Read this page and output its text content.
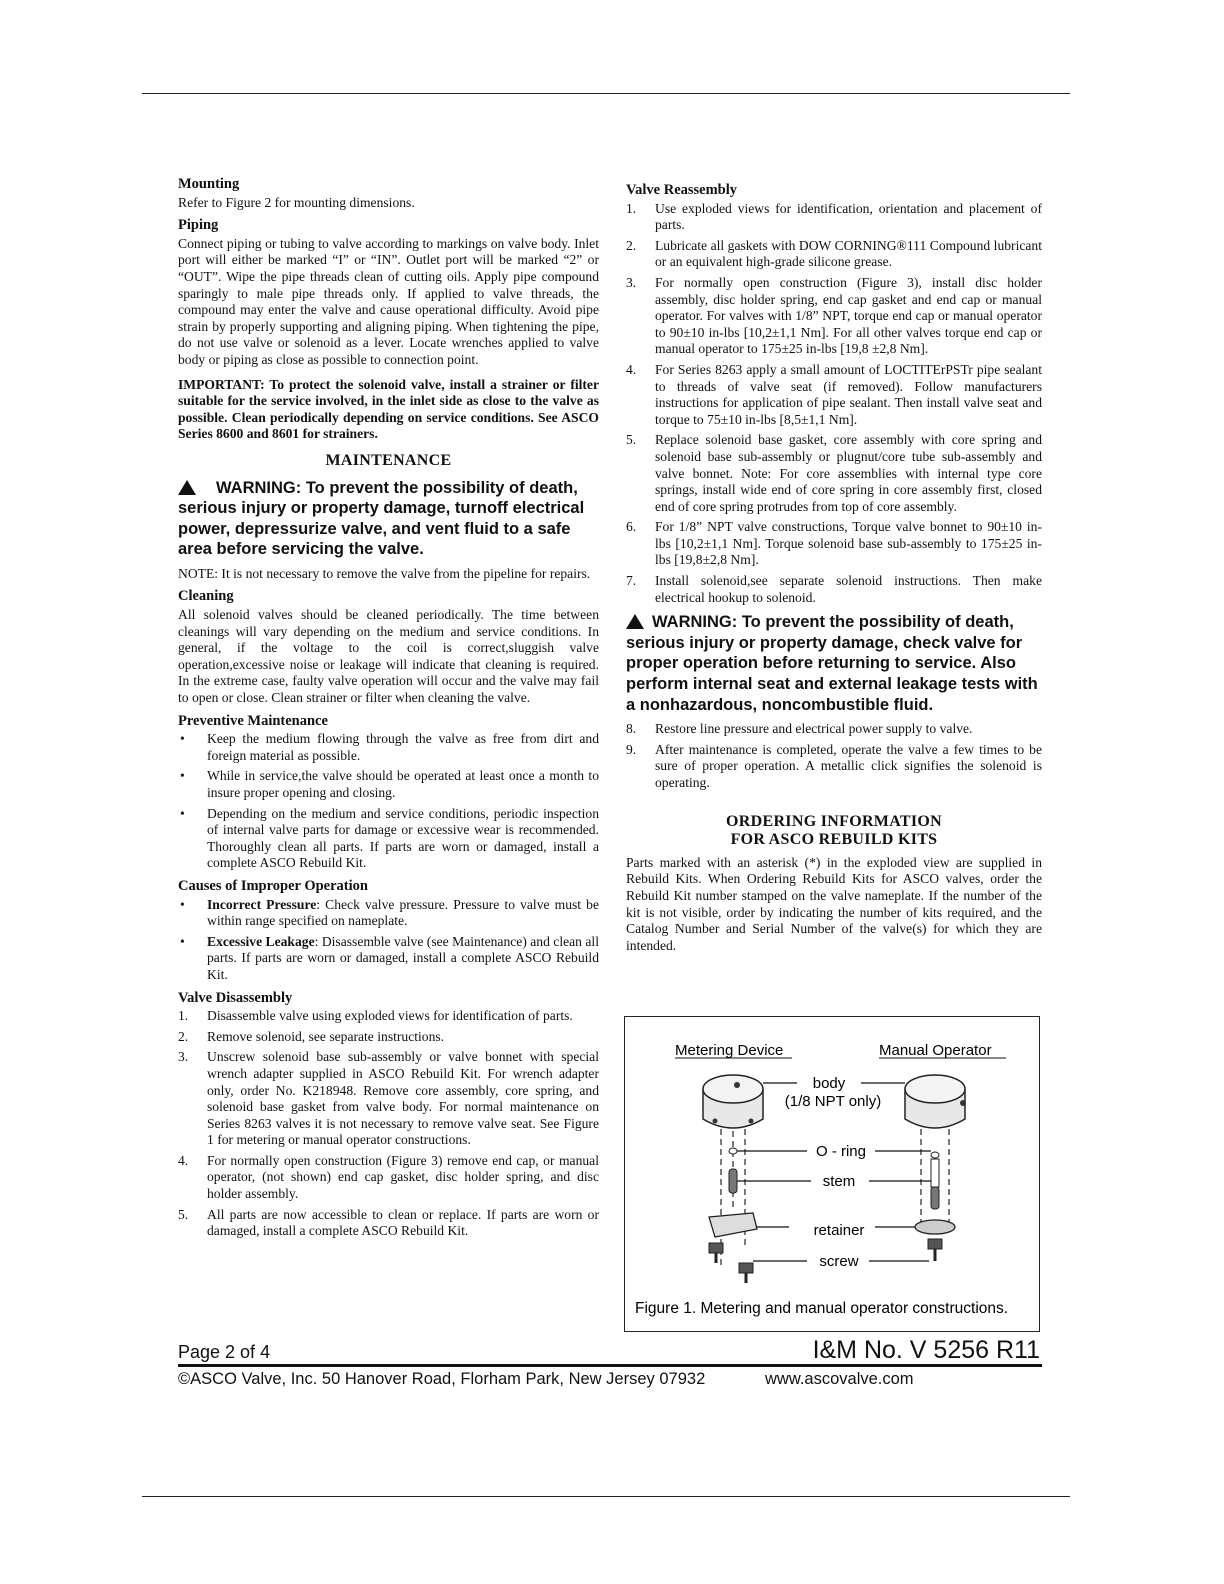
Mounting

Refer to Figure 2 for mounting dimensions.

Piping

Connect piping or tubing to valve according to markings on valve body. Inlet port will either be marked “I” or “IN”. Outlet port will be marked “2” or “OUT”. Wipe the pipe threads clean of cutting oils. Apply pipe compound sparingly to male pipe threads only. If applied to valve threads, the compound may enter the valve and cause operational difficulty. Avoid pipe strain by properly supporting and aligning piping. When tightening the pipe, do not use valve or solenoid as a lever. Locate wrenches applied to valve body or piping as close as possible to connection point.

IMPORTANT: To protect the solenoid valve, install a strainer or filter suitable for the service involved, in the inlet side as close to the valve as possible. Clean periodically depending on service conditions. See ASCO Series 8600 and 8601 for strainers.

MAINTENANCE
WARNING: To prevent the possibility of death, serious injury or property damage, turnoff electrical power, depressurize valve, and vent fluid to a safe area before servicing the valve.

NOTE: It is not necessary to remove the valve from the pipeline for repairs.

Cleaning

All solenoid valves should be cleaned periodically. The time between cleanings will vary depending on the medium and service conditions. In general, if the voltage to the coil is correct,sluggish valve operation,excessive noise or leakage will indicate that cleaning is required. In the extreme case, faulty valve operation will occur and the valve may fail to open or close. Clean strainer or filter when cleaning the valve.

Preventive Maintenance
• Keep the medium flowing through the valve as free from dirt and foreign material as possible.
• While in service,the valve should be operated at least once a month to insure proper opening and closing.
• Depending on the medium and service conditions, periodic inspection of internal valve parts for damage or excessive wear is recommended. Thoroughly clean all parts. If parts are worn or damaged, install a complete ASCO Rebuild Kit.
Causes of Improper Operation
• Incorrect Pressure: Check valve pressure. Pressure to valve must be within range specified on nameplate.
• Excessive Leakage: Disassemble valve (see Maintenance) and clean all parts. If parts are worn or damaged, install a complete ASCO Rebuild Kit.
Valve Disassembly
1. Disassemble valve using exploded views for identification of parts.
2. Remove solenoid, see separate instructions.
3. Unscrew solenoid base sub-assembly or valve bonnet with special wrench adapter supplied in ASCO Rebuild Kit. For wrench adapter only, order No. K218948. Remove core assembly, core spring, and solenoid base gasket from valve body. For normal maintenance on Series 8263 valves it is not necessary to remove valve seat. See Figure 1 for metering or manual operator constructions.
4. For normally open construction (Figure 3) remove end cap, or manual operator, (not shown) end cap gasket, disc holder spring, and disc holder assembly.
5. All parts are now accessible to clean or replace. If parts are worn or damaged, install a complete ASCO Rebuild Kit.
Valve Reassembly
1. Use exploded views for identification, orientation and placement of parts.
2. Lubricate all gaskets with DOW CORNING®111 Compound lubricant or an equivalent high-grade silicone grease.
3. For normally open construction (Figure 3), install disc holder assembly, disc holder spring, end cap gasket and end cap or manual operator. For valves with 1/8” NPT, torque end cap or manual operator to 90±10 in-lbs [10,2±1,1 Nm]. For all other valves torque end cap or manual operator to 175±25 in-lbs [19,8 ±2,8 Nm].
4. For Series 8263 apply a small amount of LOCTITErPSTr pipe sealant to threads of valve seat (if removed). Follow manufacturers instructions for application of pipe sealant. Then install valve seat and torque to 75±10 in-lbs [8,5±1,1 Nm].
5. Replace solenoid base gasket, core assembly with core spring and solenoid base sub-assembly or plugnut/core tube sub-assembly and valve bonnet. Note: For core assemblies with internal type core springs, install wide end of core spring in core assembly first, closed end of core spring protrudes from top of core assembly.
6. For 1/8” NPT valve constructions, Torque valve bonnet to 90±10 in-lbs [10,2±1,1 Nm]. Torque solenoid base sub-assembly to 175±25 in-lbs [19,8±2,8 Nm].
7. Install solenoid,see separate solenoid instructions. Then make electrical hookup to solenoid.
WARNING: To prevent the possibility of death, serious injury or property damage, check valve for proper operation before returning to service. Also perform internal seat and external leakage tests with a nonhazardous, noncombustible fluid.
8. Restore line pressure and electrical power supply to valve.
9. After maintenance is completed, operate the valve a few times to be sure of proper operation. A metallic click signifies the solenoid is operating.
ORDERING INFORMATION
FOR ASCO REBUILD KITS

Parts marked with an asterisk (*) in the exploded view are supplied in Rebuild Kits. When Ordering Rebuild Kits for ASCO valves, order the Rebuild Kit number stamped on the valve nameplate. If the number of the kit is not visible, order by indicating the number of kits required, and the Catalog Number and Serial Number of the valve(s) for which they are intended.

Metering Device	Manual Operator
body
(1/8 NPT only)
O - ring
stem
retainer
screw
Figure 1. Metering and manual operator constructions.
Page 2 of 4	I&M No. V 5256 R11
©ASCO Valve, Inc. 50 Hanover Road, Florham Park, New Jersey 07932	www.ascovalve.com
